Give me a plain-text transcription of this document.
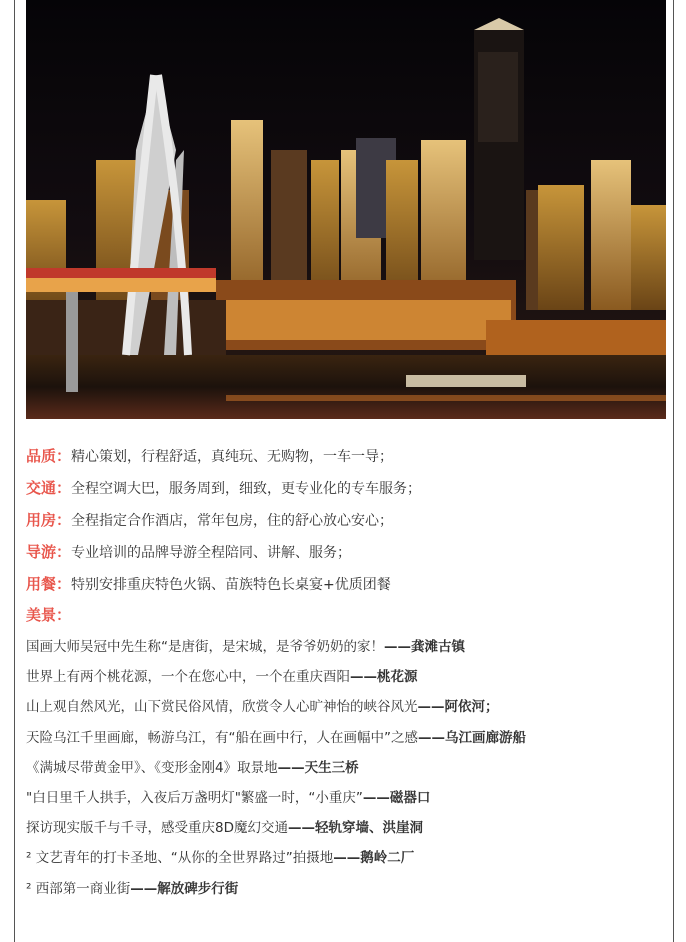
品质：精心策划，行程舒适，真纯玩、无购物，一车一导；
交通：全程空调大巴，服务周到，细致，更专业化的专车服务；
用房：全程指定合作酒店，常年包房，住的舒心放心安心；
导游：专业培训的品牌导游全程陪同、讲解、服务；
用餐：特别安排重庆特色火锅、苗族特色长桌宴+优质团餐
美景：
国画大师吴冠中先生称“是唐街，是宋城，是爷爷奶奶的家！——龚滩古镇
世界上有两个桃花源，一个在您心中，一个在重庆酉阳——桃花源
山上观自然风光，山下赏民俗风情，欣赏令人心旷神怡的峡谷风光——阿依河；
天险乌江千里画廊，畅游乌江，有“船在画中行，人在画幅中”之感——乌江画廊游船
《满城尽带黄金甲》、《变形金刚4》取景地——天生三桥
"白日里千人拱手，入夜后万盏明灯"繁盛一时，“小重庆”——磁器口
探访现实版千与千寻，感受重庆8D魔幻交通——轻轨穿墙、洪崖洞
² 文艺青年的打卡圣地、“从你的全世界路过”拍摄地——鹅岭二厂
² 西部第一商业街——解放碑步行街
